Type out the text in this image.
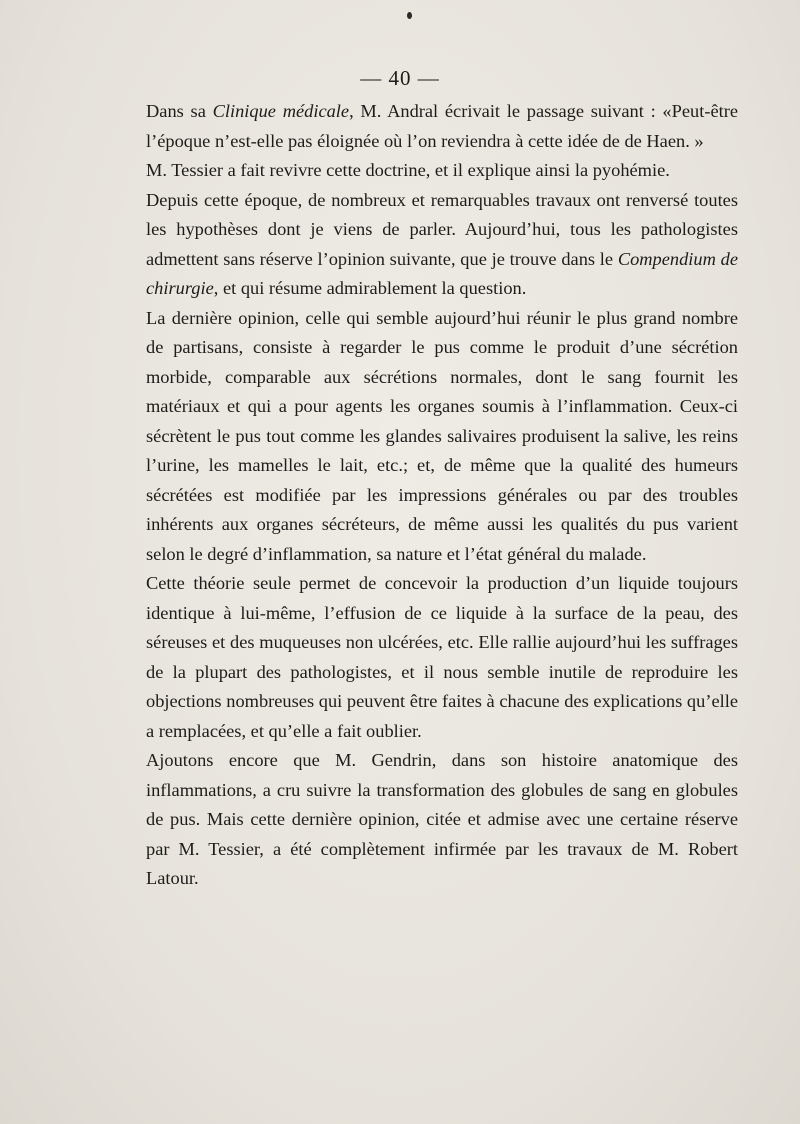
— 40 —

Dans sa Clinique médicale, M. Andral écrivait le passage suivant : «Peut-être l’époque n’est-elle pas éloignée où l’on reviendra à cette idée de de Haen. »

M. Tessier a fait revivre cette doctrine, et il explique ainsi la pyohémie.

Depuis cette époque, de nombreux et remarquables travaux ont renversé toutes les hypothèses dont je viens de parler. Aujourd’hui, tous les pathologistes admettent sans réserve l’opinion suivante, que je trouve dans le Compendium de chirurgie, et qui résume admirablement la question.

La dernière opinion, celle qui semble aujourd’hui réunir le plus grand nombre de partisans, consiste à regarder le pus comme le produit d’une sécrétion morbide, comparable aux sécrétions normales, dont le sang fournit les matériaux et qui a pour agents les organes soumis à l’inflammation. Ceux-ci sécrètent le pus tout comme les glandes salivaires produisent la salive, les reins l’urine, les mamelles le lait, etc.; et, de même que la qualité des humeurs sécrétées est modifiée par les impressions générales ou par des troubles inhérents aux organes sécréteurs, de même aussi les qualités du pus varient selon le degré d’inflammation, sa nature et l’état général du malade.

Cette théorie seule permet de concevoir la production d’un liquide toujours identique à lui-même, l’effusion de ce liquide à la surface de la peau, des séreuses et des muqueuses non ulcérées, etc. Elle rallie aujourd’hui les suffrages de la plupart des pathologistes, et il nous semble inutile de reproduire les objections nombreuses qui peuvent être faites à chacune des explications qu’elle a remplacées, et qu’elle a fait oublier.

Ajoutons encore que M. Gendrin, dans son histoire anatomique des inflammations, a cru suivre la transformation des globules de sang en globules de pus. Mais cette dernière opinion, citée et admise avec une certaine réserve par M. Tessier, a été complètement infirmée par les travaux de M. Robert Latour.
